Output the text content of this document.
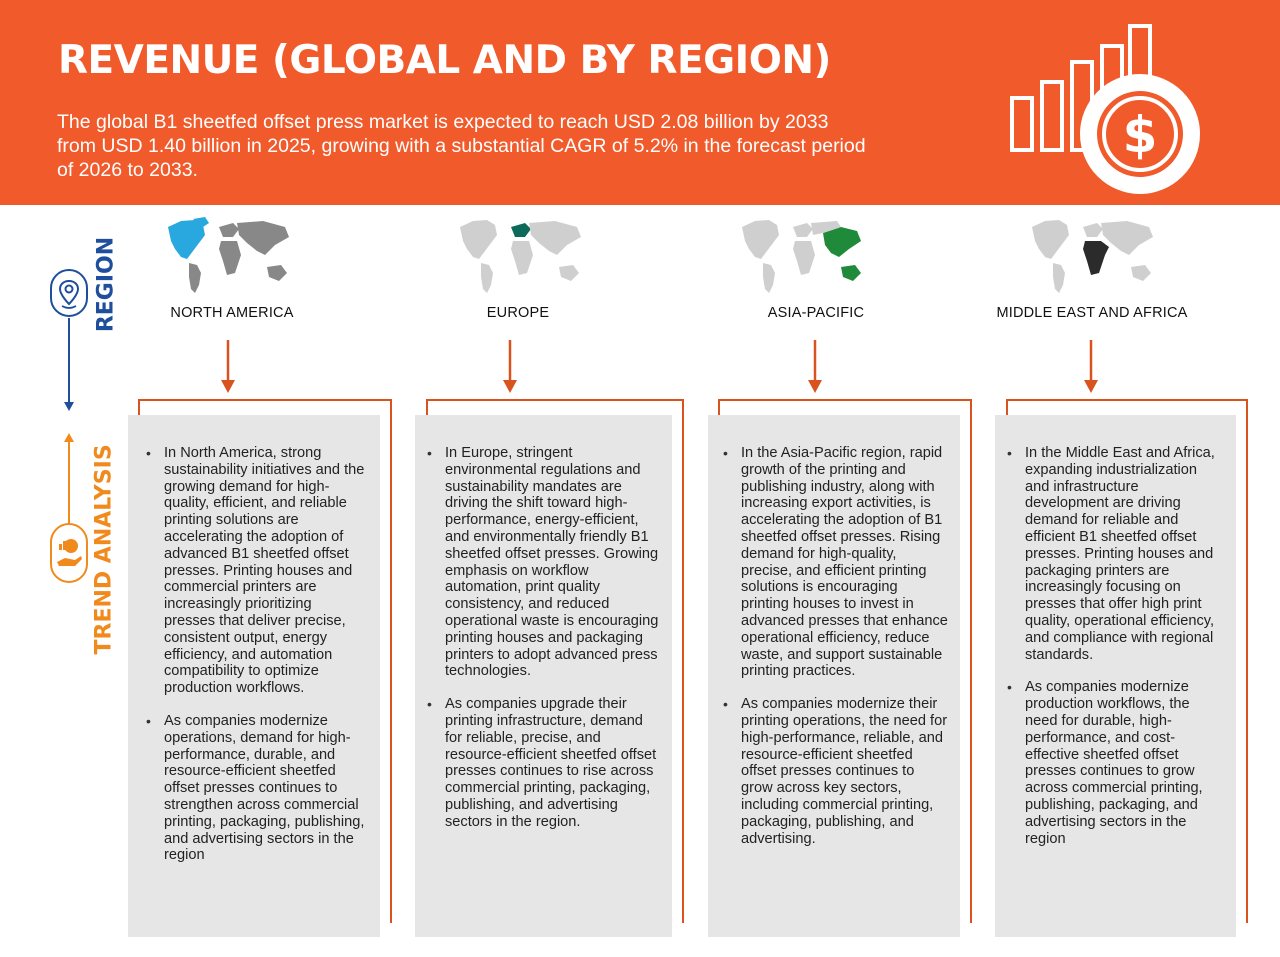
REVENUE (GLOBAL AND BY REGION)
The global B1 sheetfed offset press market is expected to reach USD 2.08 billion by 2033 from USD 1.40 billion in 2025, growing with a substantial CAGR of 5.2% in the forecast period of 2026 to 2033.
$
REGION
TREND ANALYSIS
NORTH AMERICA
• In North America, strong sustainability initiatives and the growing demand for high-quality, efficient, and reliable printing solutions are accelerating the adoption of advanced B1 sheetfed offset presses. Printing houses and commercial printers are increasingly prioritizing presses that deliver precise, consistent output, energy efficiency, and automation compatibility to optimize production workflows.
• As companies modernize operations, demand for high-performance, durable, and resource-efficient sheetfed offset presses continues to strengthen across commercial printing, packaging, publishing, and advertising sectors in the region
EUROPE
• In Europe, stringent environmental regulations and sustainability mandates are driving the shift toward high-performance, energy-efficient, and environmentally friendly B1 sheetfed offset presses. Growing emphasis on workflow automation, print quality consistency, and reduced operational waste is encouraging printing houses and packaging printers to adopt advanced press technologies.
• As companies upgrade their printing infrastructure, demand for reliable, precise, and resource-efficient sheetfed offset presses continues to rise across commercial printing, packaging, publishing, and advertising sectors in the region.
ASIA-PACIFIC
• In the Asia-Pacific region, rapid growth of the printing and publishing industry, along with increasing export activities, is accelerating the adoption of B1 sheetfed offset presses. Rising demand for high-quality, precise, and efficient printing solutions is encouraging printing houses to invest in advanced presses that enhance operational efficiency, reduce waste, and support sustainable printing practices.
• As companies modernize their printing operations, the need for high-performance, reliable, and resource-efficient sheetfed offset presses continues to grow across key sectors, including commercial printing, packaging, publishing, and advertising.
MIDDLE EAST AND AFRICA
• In the Middle East and Africa, expanding industrialization and infrastructure development are driving demand for reliable and efficient B1 sheetfed offset presses. Printing houses and packaging printers are increasingly focusing on presses that offer high print quality, operational efficiency, and compliance with regional standards.
• As companies modernize production workflows, the need for durable, high-performance, and cost-effective sheetfed offset presses continues to grow across commercial printing, publishing, packaging, and advertising sectors in the region
